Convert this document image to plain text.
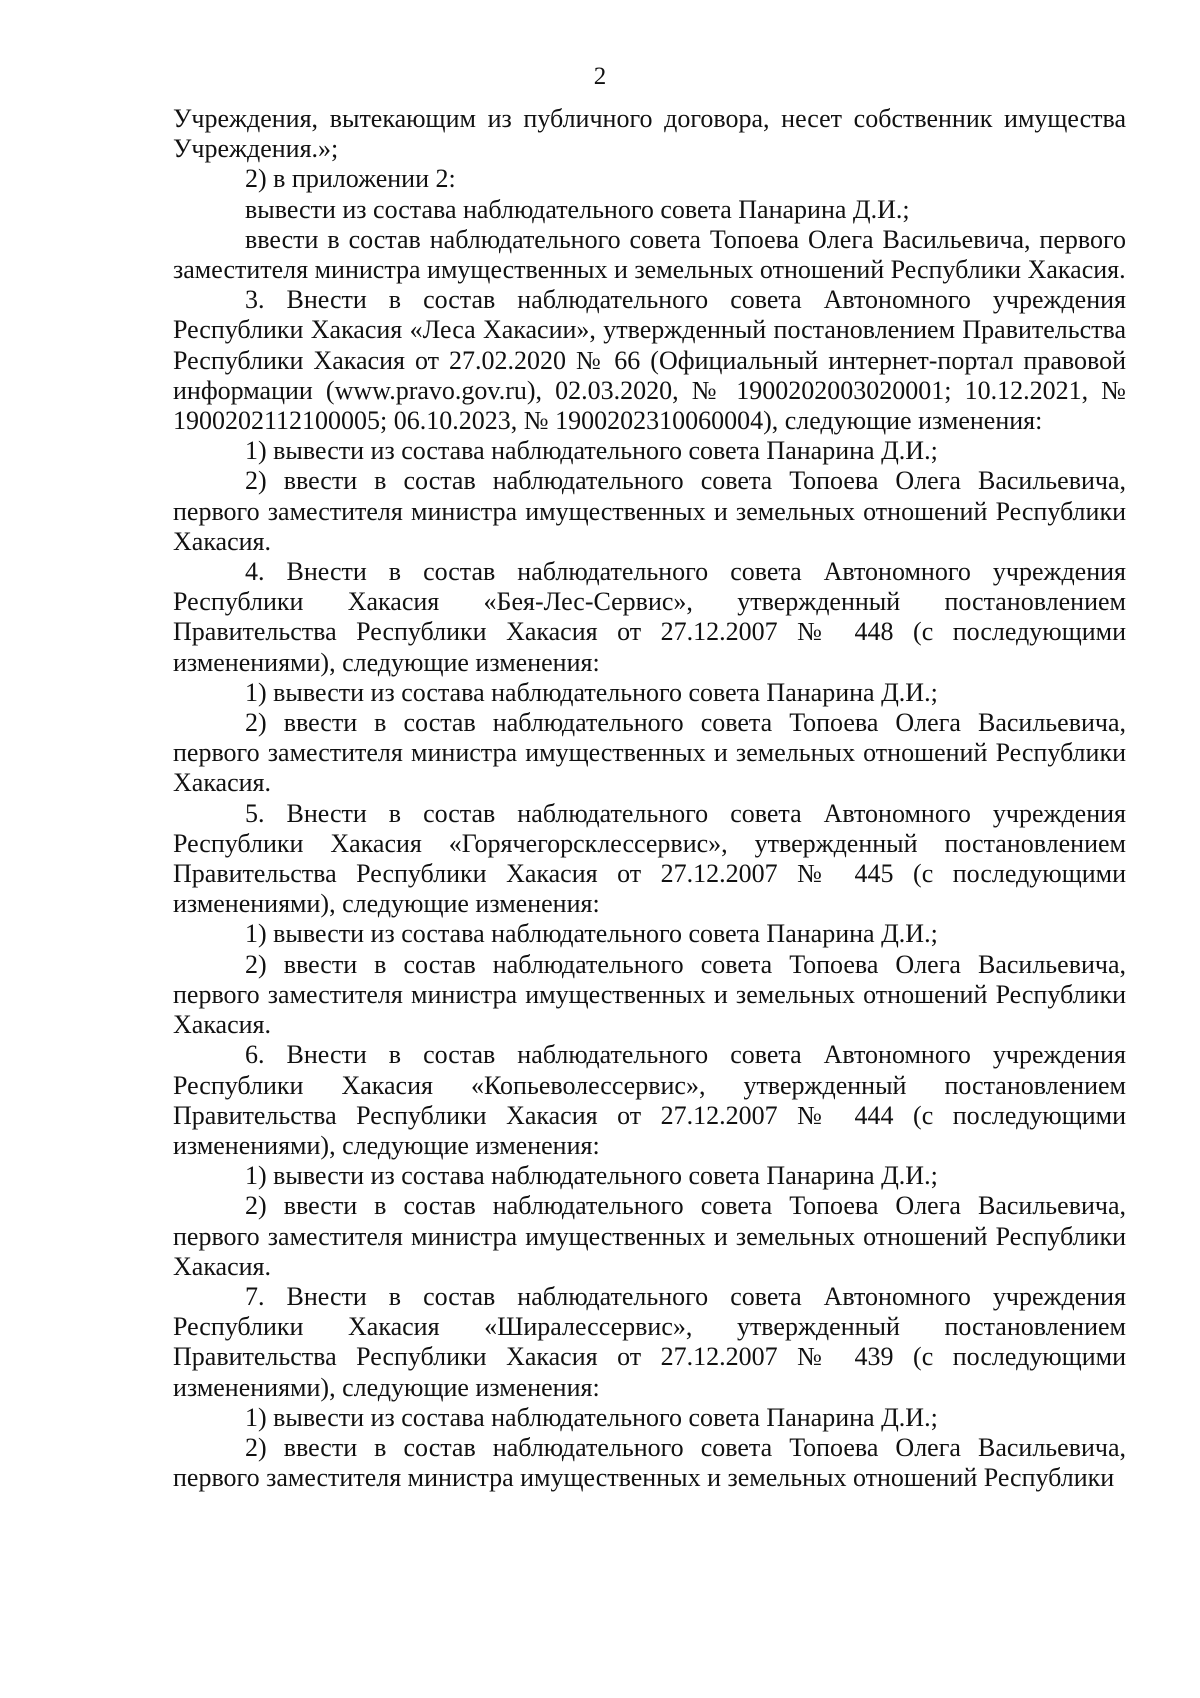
2

Учреждения, вытекающим из публичного договора, несет собственник имущества Учреждения.»;

2) в приложении 2:

вывести из состава наблюдательного совета Панарина Д.И.;

ввести в состав наблюдательного совета Топоева Олега Васильевича, первого заместителя министра имущественных и земельных отношений Республики Хакасия.

3. Внести в состав наблюдательного совета Автономного учреждения Республики Хакасия «Леса Хакасии», утвержденный постановлением Правительства Республики Хакасия от 27.02.2020 № 66 (Официальный интернет-портал правовой информации (www.pravo.gov.ru), 02.03.2020, № 1900202003020001; 10.12.2021, № 1900202112100005; 06.10.2023, № 1900202310060004), следующие изменения:

1) вывести из состава наблюдательного совета Панарина Д.И.;

2) ввести в состав наблюдательного совета Топоева Олега Васильевича, первого заместителя министра имущественных и земельных отношений Республики Хакасия.

4. Внести в состав наблюдательного совета Автономного учреждения Республики Хакасия «Бея-Лес-Сервис», утвержденный постановлением Правительства Республики Хакасия от 27.12.2007 № 448 (с последующими изменениями), следующие изменения:

1) вывести из состава наблюдательного совета Панарина Д.И.;

2) ввести в состав наблюдательного совета Топоева Олега Васильевича, первого заместителя министра имущественных и земельных отношений Республики Хакасия.

5. Внести в состав наблюдательного совета Автономного учреждения Республики Хакасия «Горячегорсклессервис», утвержденный постановлением Правительства Республики Хакасия от 27.12.2007 № 445 (с последующими изменениями), следующие изменения:

1) вывести из состава наблюдательного совета Панарина Д.И.;

2) ввести в состав наблюдательного совета Топоева Олега Васильевича, первого заместителя министра имущественных и земельных отношений Республики Хакасия.

6. Внести в состав наблюдательного совета Автономного учреждения Республики Хакасия «Копьеволессервис», утвержденный постановлением Правительства Республики Хакасия от 27.12.2007 № 444 (с последующими изменениями), следующие изменения:

1) вывести из состава наблюдательного совета Панарина Д.И.;

2) ввести в состав наблюдательного совета Топоева Олега Васильевича, первого заместителя министра имущественных и земельных отношений Республики Хакасия.

7. Внести в состав наблюдательного совета Автономного учреждения Республики Хакасия «Ширалессервис», утвержденный постановлением Правительства Республики Хакасия от 27.12.2007 № 439 (с последующими изменениями), следующие изменения:

1) вывести из состава наблюдательного совета Панарина Д.И.;

2) ввести в состав наблюдательного совета Топоева Олега Васильевича, первого заместителя министра имущественных и земельных отношений Республики
